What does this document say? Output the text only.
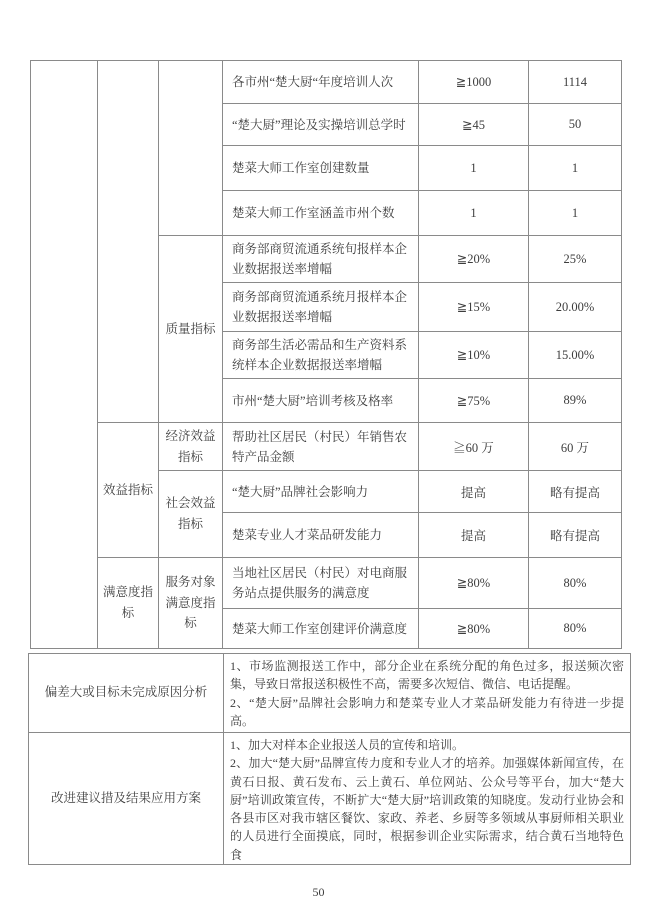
			各市州“楚大厨“年度培训人次	≧1000	1114
			“楚大厨”理论及实操培训总学时	≧45	50
			楚菜大师工作室创建数量	1	1
			楚菜大师工作室涵盖市州个数	1	1
		质量指标	商务部商贸流通系统旬报样本企业数据报送率增幅	≧20%	25%
			商务部商贸流通系统月报样本企业数据报送率增幅	≧15%	20.00%
			商务部生活必需品和生产资料系统样本企业数据报送率增幅	≧10%	15.00%
			市州“楚大厨”培训考核及格率	≧75%	89%
	效益指标	经济效益指标	帮助社区居民（村民）年销售农特产品金额	≧60 万	60 万
		社会效益指标	“楚大厨”品牌社会影响力	提高	略有提高
			楚菜专业人才菜品研发能力	提高	略有提高
	满意度指标	服务对象满意度指标	当地社区居民（村民）对电商服务站点提供服务的满意度	≧80%	80%
			楚菜大师工作室创建评价满意度	≧80%	80%
偏差大或目标未完成原因分析	1、市场监测报送工作中，部分企业在系统分配的角色过多，报送频次密集，导致日常报送积极性不高，需要多次短信、微信、电话提醒。
2、“楚大厨”品牌社会影响力和楚菜专业人才菜品研发能力有待进一步提高。

改进建议措及结果应用方案	1、加大对样本企业报送人员的宣传和培训。
2、加大“楚大厨”品牌宣传力度和专业人才的培养。加强媒体新闻宣传，在黄石日报、黄石发布、云上黄石、单位网站、公众号等平台，加大“楚大厨”培训政策宣传，不断扩大“楚大厨”培训政策的知晓度。发动行业协会和各县市区对我市辖区餐饮、家政、养老、乡厨等多领域从事厨师相关职业的人员进行全面摸底，同时，根据参训企业实际需求，结合黄石当地特色食
50
